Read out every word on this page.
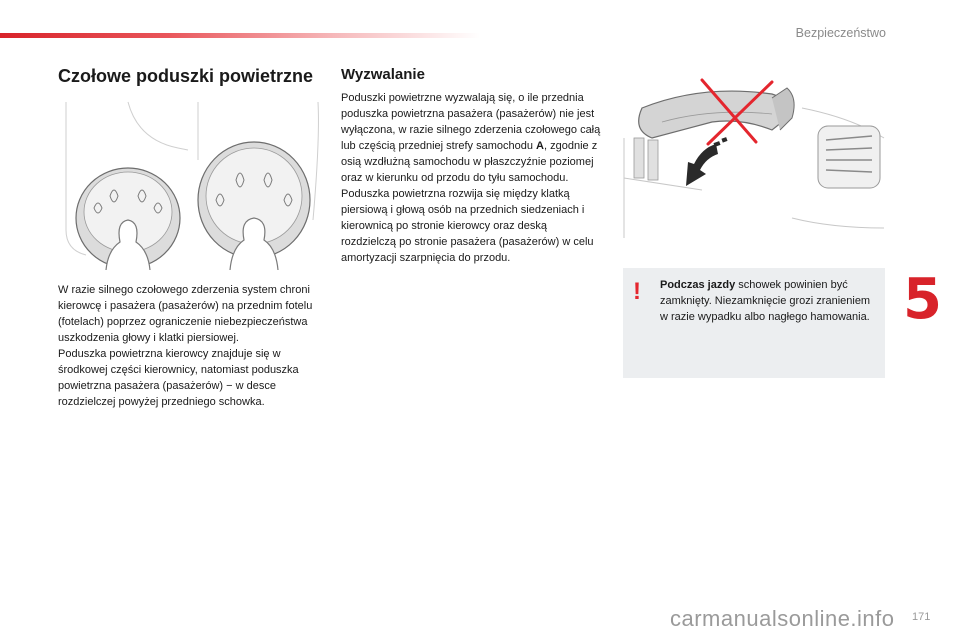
Bezpieczeństwo
Czołowe poduszki powietrzne Wyzwalanie

W razie silnego czołowego zderzenia system chroni kierowcę i pasażera (pasażerów) na przednim fotelu (fotelach) poprzez ograniczenie niebezpieczeństwa uszkodzenia głowy i klatki piersiowej.

Poduszka powietrzna kierowcy znajduje się w środkowej części kierownicy, natomiast poduszka powietrzna pasażera (pasażerów) − w desce rozdzielczej powyżej przedniego schowka.

Poduszki powietrzne wyzwalają się, o ile przednia poduszka powietrzna pasażera (pasażerów) nie jest wyłączona, w razie silnego zderzenia czołowego całą lub częścią przedniej strefy samochodu A, zgodnie z osią wzdłużną samochodu w płaszczyźnie poziomej oraz w kierunku od przodu do tyłu samochodu.

Poduszka powietrzna rozwija się między klatką piersiową i głową osób na przednich siedzeniach i kierownicą po stronie kierowcy oraz deską rozdzielczą po stronie pasażera (pasażerów) w celu amortyzacji szarpnięcia do przodu.

! Podczas jazdy schowek powinien być zamknięty. Niezamknięcie grozi zranieniem w razie wypadku albo nagłego hamowania. 5
carmanualsonline.info 171
